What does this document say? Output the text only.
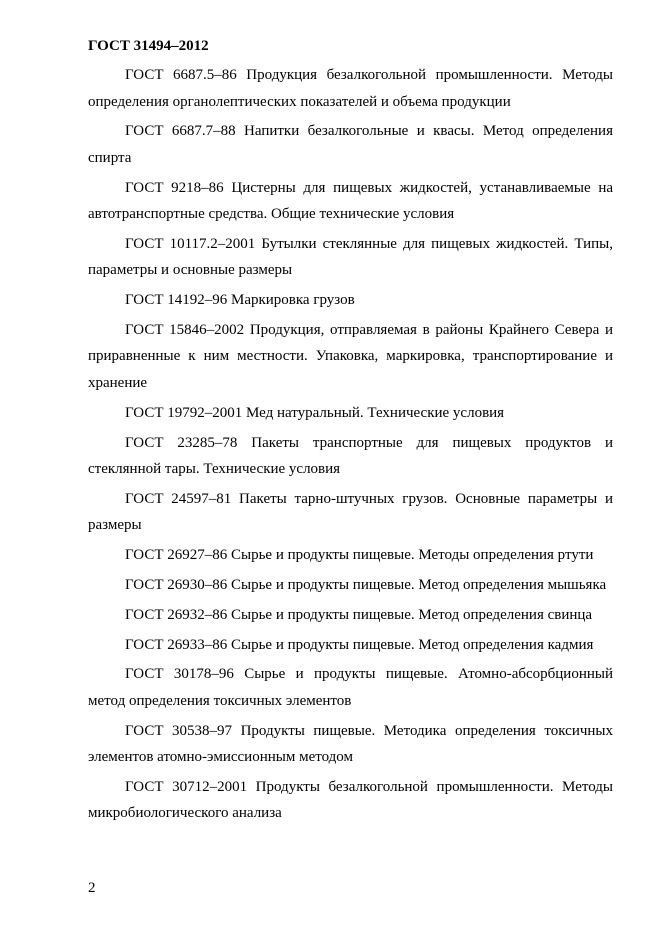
ГОСТ 31494–2012

ГОСТ 6687.5–86 Продукция безалкогольной промышленности. Методы определения органолептических показателей и объема продукции

ГОСТ 6687.7–88 Напитки безалкогольные и квасы. Метод определения спирта

ГОСТ 9218–86 Цистерны для пищевых жидкостей, устанавливаемые на автотранспортные средства. Общие технические условия

ГОСТ 10117.2–2001 Бутылки стеклянные для пищевых жидкостей. Типы, параметры и основные размеры

ГОСТ 14192–96 Маркировка грузов

ГОСТ 15846–2002 Продукция, отправляемая в районы Крайнего Севера и приравненные к ним местности. Упаковка, маркировка, транспортирование и хранение

ГОСТ 19792–2001 Мед натуральный. Технические условия

ГОСТ 23285–78 Пакеты транспортные для пищевых продуктов и стеклянной тары. Технические условия

ГОСТ 24597–81 Пакеты тарно-штучных грузов. Основные параметры и размеры

ГОСТ 26927–86 Сырье и продукты пищевые. Методы определения ртути

ГОСТ 26930–86 Сырье и продукты пищевые. Метод определения мышьяка

ГОСТ 26932–86 Сырье и продукты пищевые. Метод определения свинца

ГОСТ 26933–86 Сырье и продукты пищевые. Метод определения кадмия

ГОСТ 30178–96 Сырье и продукты пищевые. Атомно-абсорбционный метод определения токсичных элементов

ГОСТ 30538–97 Продукты пищевые. Методика определения токсичных элементов атомно-эмиссионным методом

ГОСТ 30712–2001 Продукты безалкогольной промышленности. Методы микробиологического анализа

2
